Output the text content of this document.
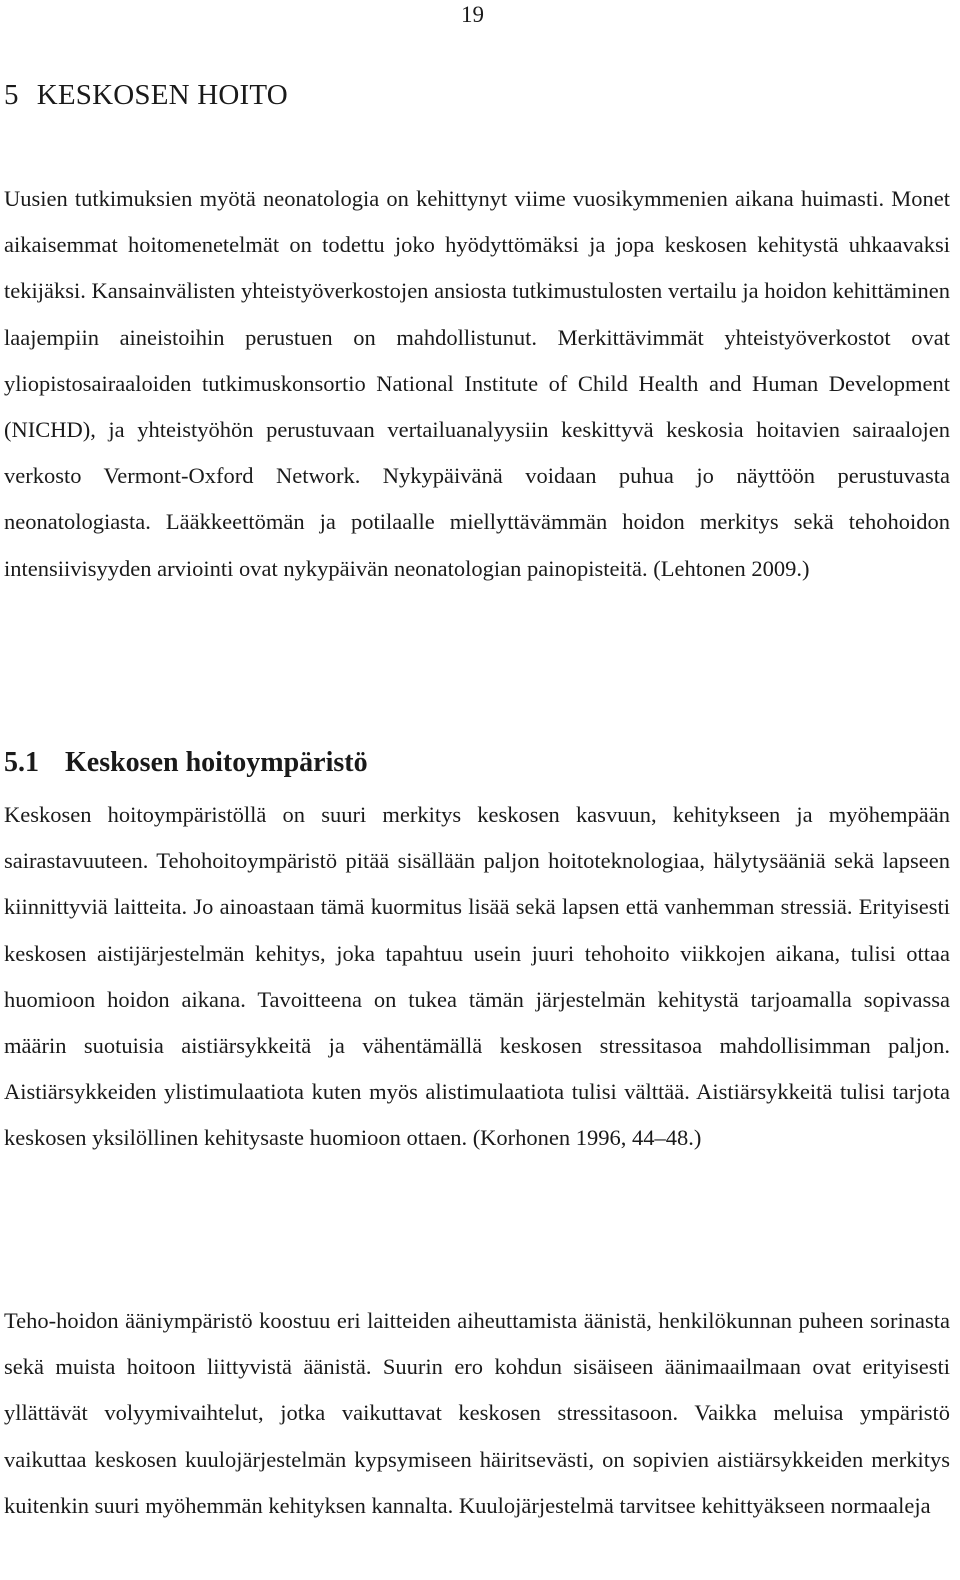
19
5 KESKOSEN HOITO

Uusien tutkimuksien myötä neonatologia on kehittynyt viime vuosikymmenien aikana huimasti. Monet aikaisemmat hoitomenetelmät on todettu joko hyödyttömäksi ja jopa keskosen kehitystä uhkaavaksi tekijäksi. Kansainvälisten yhteistyöverkostojen ansiosta tutkimustulosten vertailu ja hoidon kehittäminen laajempiin aineistoihin perustuen on mahdollistunut. Merkittävimmät yhteistyöverkostot ovat yliopistosairaaloiden tutkimuskonsortio National Institute of Child Health and Human Development (NICHD), ja yhteistyöhön perustuvaan vertailuanalyysiin keskittyvä keskosia hoitavien sairaalojen verkosto Vermont-Oxford Network. Nykypäivänä voidaan puhua jo näyttöön perustuvasta neonatologiasta. Lääkkeettömän ja potilaalle miellyttävämmän hoidon merkitys sekä tehohoidon intensiivisyyden arviointi ovat nykypäivän neonatologian painopisteitä. (Lehtonen 2009.)

5.1 Keskosen hoitoympäristö

Keskosen hoitoympäristöllä on suuri merkitys keskosen kasvuun, kehitykseen ja myöhempään sairastavuuteen. Tehohoitoympäristö pitää sisällään paljon hoitoteknologiaa, hälytysääniä sekä lapseen kiinnittyviä laitteita. Jo ainoastaan tämä kuormitus lisää sekä lapsen että vanhemman stressiä. Erityisesti keskosen aistijärjestelmän kehitys, joka tapahtuu usein juuri tehohoito viikkojen aikana, tulisi ottaa huomioon hoidon aikana. Tavoitteena on tukea tämän järjestelmän kehitystä tarjoamalla sopivassa määrin suotuisia aistiärsykkeitä ja vähentämällä keskosen stressitasoa mahdollisimman paljon. Aistiärsykkeiden ylistimulaatiota kuten myös alistimulaatiota tulisi välttää. Aistiärsykkeitä tulisi tarjota keskosen yksilöllinen kehitysaste huomioon ottaen. (Korhonen 1996, 44–48.)

Teho-hoidon ääniympäristö koostuu eri laitteiden aiheuttamista äänistä, henkilökunnan puheen sorinasta sekä muista hoitoon liittyvistä äänistä. Suurin ero kohdun sisäiseen äänimaailmaan ovat erityisesti yllättävät volyymivaihtelut, jotka vaikuttavat keskosen stressitasoon. Vaikka meluisa ympäristö vaikuttaa keskosen kuulojärjestelmän kypsymiseen häiritsevästi, on sopivien aistiärsykkeiden merkitys kuitenkin suuri myöhemmän kehityksen kannalta. Kuulojärjestelmä tarvitsee kehittyäkseen normaaleja
